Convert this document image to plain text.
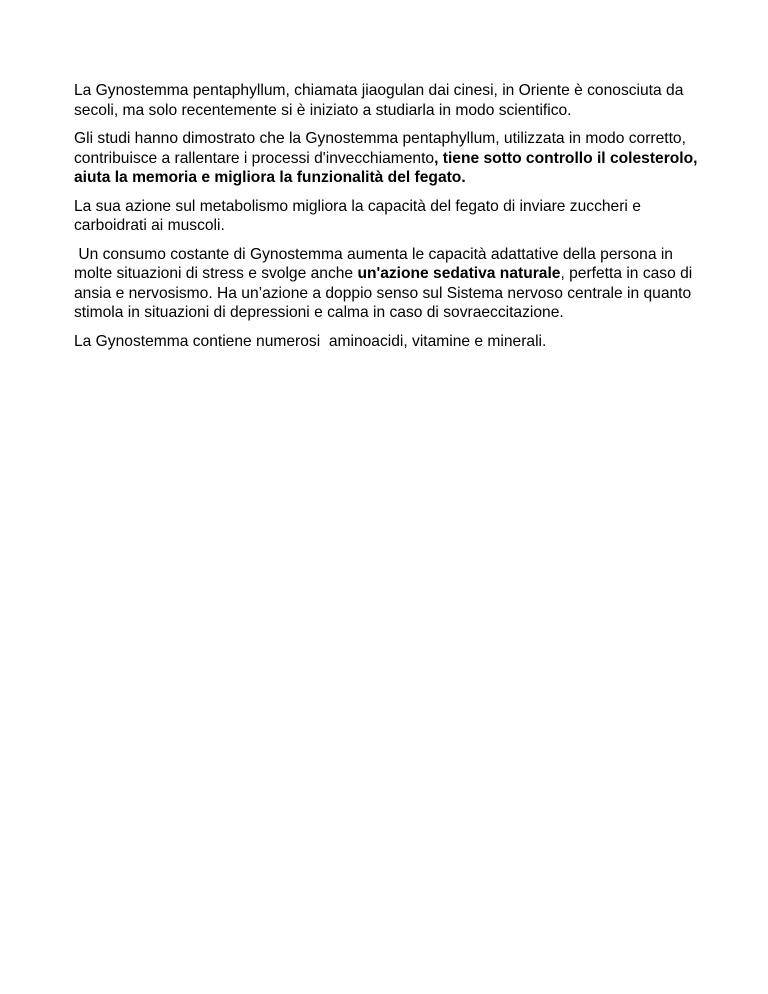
La Gynostemma pentaphyllum, chiamata jiaogulan dai cinesi, in Oriente è conosciuta da secoli, ma solo recentemente si è iniziato a studiarla in modo scientifico.

Gli studi hanno dimostrato che la Gynostemma pentaphyllum, utilizzata in modo corretto, contribuisce a rallentare i processi d'invecchiamento, tiene sotto controllo il colesterolo, aiuta la memoria e migliora la funzionalità del fegato.

La sua azione sul metabolismo migliora la capacità del fegato di inviare zuccheri e carboidrati ai muscoli.

Un consumo costante di Gynostemma aumenta le capacità adattative della persona in molte situazioni di stress e svolge anche un'azione sedativa naturale, perfetta in caso di ansia e nervosismo. Ha un’azione a doppio senso sul Sistema nervoso centrale in quanto stimola in situazioni di depressioni e calma in caso di sovraeccitazione.

La Gynostemma contiene numerosi  aminoacidi, vitamine e minerali.
